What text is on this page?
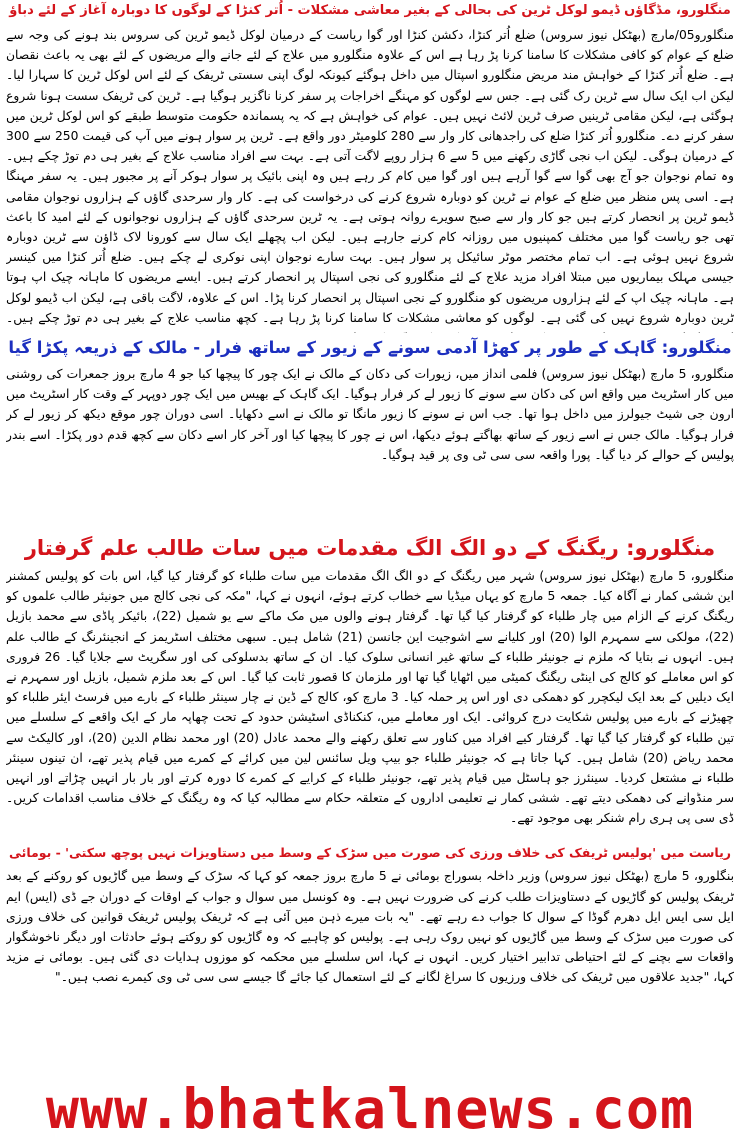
منگلورو، مڈگاؤں ڈیمو لوکل ٹرین کی بحالی کے بغیر معاشی مشکلات - اُتر کنڑا کے لوگوں کا دوبارہ آغاز کے لئے دباؤ

منگلورو05/مارچ (بھٹکل نیوز سروس) ضلع اُتر کنڑا، دکشن کنڑا اور گوا ریاست کے درمیان لوکل ڈیمو ٹرین کی سروس بند ہونے کی وجہ سے ضلع کے عوام کو کافی مشکلات کا سامنا کرنا پڑ رہا ہے اس کے علاوہ منگلورو میں علاج کے لئے جانے والے مریضوں کے لئے بھی یہ باعث نقصان ہے۔ ضلع اُتر کنڑا کے خواہش مند مریض منگلورو اسپتال میں داخل ہوگئے کیونکہ لوگ اپنی سستی ٹریفک کے لئے اس لوکل ٹرین کا سہارا لیا۔ لیکن اب ایک سال سے ٹرین رک گئی ہے۔ جس سے لوگوں کو مہنگے اخراجات پر سفر کرنا ناگزیر ہوگیا ہے۔ ٹرین کی ٹریفک سست ہونا شروع ہوگئی ہے، لیکن مقامی ٹرینیں صرف ٹرین لائٹ نہیں ہیں۔ عوام کی خواہش ہے کہ یہ پسماندہ حکومت متوسط طبقے کو اس لوکل ٹرین میں سفر کرنے دے۔ منگلورو اُتر کنڑا ضلع کی راجدھانی کار وار سے 280 کلومیٹر دور واقع ہے۔ ٹرین پر سوار ہونے میں آپ کی قیمت 250 سے 300 کے درمیان ہوگی۔ لیکن اب نجی گاڑی رکھنے میں 5 سے 6 ہزار روپے لاگت آتی ہے۔ بہت سے افراد مناسب علاج کے بغیر ہی دم توڑ چکے ہیں۔ وہ تمام نوجوان جو آج بھی گوا سے گوا آرہے ہیں اور گوا میں کام کر رہے ہیں وہ اپنی بائیک پر سوار ہوکر آنے پر مجبور ہیں۔ یہ سفر مہنگا ہے۔ اسی پس منظر میں ضلع کے عوام نے ٹرین کو دوبارہ شروع کرنے کی درخواست کی ہے۔ کار وار سرحدی گاؤں کے ہزاروں نوجوان مقامی ڈیمو ٹرین پر انحصار کرتے ہیں جو کار وار سے صبح سویرے روانہ ہوتی ہے۔ یہ ٹرین سرحدی گاؤں کے ہزاروں نوجوانوں کے لئے امید کا باعث تھی جو ریاست گوا میں مختلف کمپنیوں میں روزانہ کام کرنے جارہے ہیں۔ لیکن اب پچھلے ایک سال سے کورونا لاک ڈاؤن سے ٹرین دوبارہ شروع نہیں ہوئی ہے۔ اب تمام مختصر موٹر سائیکل پر سوار ہیں۔ بہت سارے نوجوان اپنی نوکری لے چکے ہیں۔ ضلع اُتر کنڑا میں کینسر جیسی مہلک بیماریوں میں مبتلا افراد مزید علاج کے لئے منگلورو کی نجی اسپتال پر انحصار کرتے ہیں۔ ایسے مریضوں کا ماہانہ چیک اپ ہوتا ہے۔ ماہانہ چیک اپ کے لئے ہزاروں مریضوں کو منگلورو کے نجی اسپتال پر انحصار کرنا پڑا۔ اس کے علاوہ، لاگت باقی ہے، لیکن اب ڈیمو لوکل ٹرین دوبارہ شروع نہیں کی گئی ہے۔ لوگوں کو معاشی مشکلات کا سامنا کرنا پڑ رہا ہے۔ کچھ مناسب علاج کے بغیر ہی دم توڑ چکے ہیں۔

منگلورو: گاہک کے طور پر کھڑا آدمی سونے کے زیور کے ساتھ فرار - مالک کے ذریعہ پکڑا گیا

منگلورو، 5 مارچ (بھٹکل نیوز سروس) فلمی انداز میں، زیورات کی دکان کے مالک نے ایک چور کا پیچھا کیا جو 4 مارچ بروز جمعرات کی روشنی میں کار اسٹریٹ میں واقع اس کی دکان سے سونے کا زیور لے کر فرار ہوگیا۔ ایک گاہک کے بھیس میں ایک چور دوپہر کے وقت کار اسٹریٹ میں ارون جی شیٹ جیولرز میں داخل ہوا تھا۔ جب اس نے سونے کا زیور مانگا تو مالک نے اسے دکھایا۔ اسی دوران چور موقع دیکھ کر زیور لے کر فرار ہوگیا۔ مالک جس نے اسے زیور کے ساتھ بھاگتے ہوئے دیکھا، اس نے چور کا پیچھا کیا اور آخر کار اسے دکان سے کچھ قدم دور پکڑا۔ اسے بندر پولیس کے حوالے کر دیا گیا۔ پورا واقعہ سی سی ٹی وی پر قید ہوگیا۔

منگلورو: ریگنگ کے دو الگ الگ مقدمات میں سات طالب علم گرفتار

منگلورو، 5 مارچ (بھٹکل نیوز سروس) شہر میں ریگنگ کے دو الگ الگ مقدمات میں سات طلباء کو گرفتار کیا گیا، اس بات کو پولیس کمشنر این ششی کمار نے آگاہ کیا۔ جمعہ 5 مارچ کو یہاں میڈیا سے خطاب کرتے ہوئے، انہوں نے کہا، "مکہ کی نجی کالج میں جونیئر طالب علموں کو ریگنگ کرنے کے الزام میں چار طلباء کو گرفتار کیا گیا تھا۔ گرفتار ہونے والوں میں مک ماکے سے یو شمیل (22)، بائیکر پاڈی سے محمد بازیل (22)، مولکی سے سمہرم الوا (20) اور کلیانے سے اشوجیت این جانسن (21) شامل ہیں۔ سبھی مختلف اسٹریمز کے انجینئرنگ کے طالب علم ہیں۔ انہوں نے بتایا کہ ملزم نے جونیئر طلباء کے ساتھ غیر انسانی سلوک کیا۔ ان کے ساتھ بدسلوکی کی اور سگریٹ سے جلایا گیا۔ 26 فروری کو اس معاملے کو کالج کی اینٹی ریگنگ کمیٹی میں اٹھایا گیا تھا اور ملزمان کا قصور ثابت کیا گیا۔ اس کے بعد ملزم شمیل، بازیل اور سمہرم نے ایک دیلیں کے بعد ایک لیکچرر کو دھمکی دی اور اس پر حملہ کیا۔ 3 مارچ کو، کالج کے ڈین نے چار سینئر طلباء کے بارے میں فرسٹ ایئر طلباء کو چھیڑنے کے بارے میں پولیس شکایت درج کروائی۔ ایک اور معاملے میں، کنکناڈی اسٹیشن حدود کے تحت چھاپہ مار کے ایک واقعے کے سلسلے میں تین طلباء کو گرفتار کیا گیا تھا۔ گرفتار کیے افراد میں کناور سے تعلق رکھنے والے محمد عادل (20) اور محمد نظام الدین (20)، اور کالیکٹ سے محمد ریاض (20) شامل ہیں۔ کہا جاتا ہے کہ جونیئر طلباء جو بیپ ویل سائنس لین میں کرائے کے کمرے میں قیام پذیر تھے، ان تینوں سینئر طلباء نے مشتعل کردیا۔ سینئرز جو ہاسٹل میں قیام پذیر تھے، جونیئر طلباء کے کرایے کے کمرے کا دورہ کرتے اور بار بار انہیں چڑاتے اور انہیں سر منڈوانے کی دھمکی دیتے تھے۔ ششی کمار نے تعلیمی اداروں کے متعلقہ حکام سے مطالبہ کیا کہ وہ ریگنگ کے خلاف مناسب اقدامات کریں۔ ڈی سی پی ہری رام شنکر بھی موجود تھے۔

ریاست میں 'پولیس ٹریفک کی خلاف ورزی کی صورت میں سڑک کے وسط میں دستاویزات نہیں پوچھ سکتی' - بومائی

بنگلورو، 5 مارچ (بھٹکل نیوز سروس) وزیر داخلہ بسوراج بومائی نے 5 مارچ بروز جمعہ کو کہا کہ سڑک کے وسط میں گاڑیوں کو روکنے کے بعد ٹریفک پولیس کو گاڑیوں کے دستاویزات طلب کرنے کی ضرورت نہیں ہے۔ وہ کونسل میں سوال و جواب کے اوقات کے دوران جے ڈی (ایس) ایم ایل سی ایس ایل دھرم گوڈا کے سوال کا جواب دے رہے تھے۔ "یہ بات میرے ذہن میں آئی ہے کہ ٹریفک پولیس ٹریفک قوانین کی خلاف ورزی کی صورت میں سڑک کے وسط میں گاڑیوں کو نہیں روک رہی ہے۔ پولیس کو چاہیے کہ وہ گاڑیوں کو روکتے ہوئے حادثات اور دیگر ناخوشگوار واقعات سے بچنے کے لئے احتیاطی تدابیر اختیار کریں۔ انہوں نے کہا، اس سلسلے میں محکمہ کو موزوں ہدایات دی گئی ہیں۔ بومائی نے مزید کہا، "جدید علاقوں میں ٹریفک کی خلاف ورزیوں کا سراغ لگانے کے لئے استعمال کیا جائے گا جیسے سی سی ٹی وی کیمرے نصب ہیں۔"

www.bhatkalnews.com
